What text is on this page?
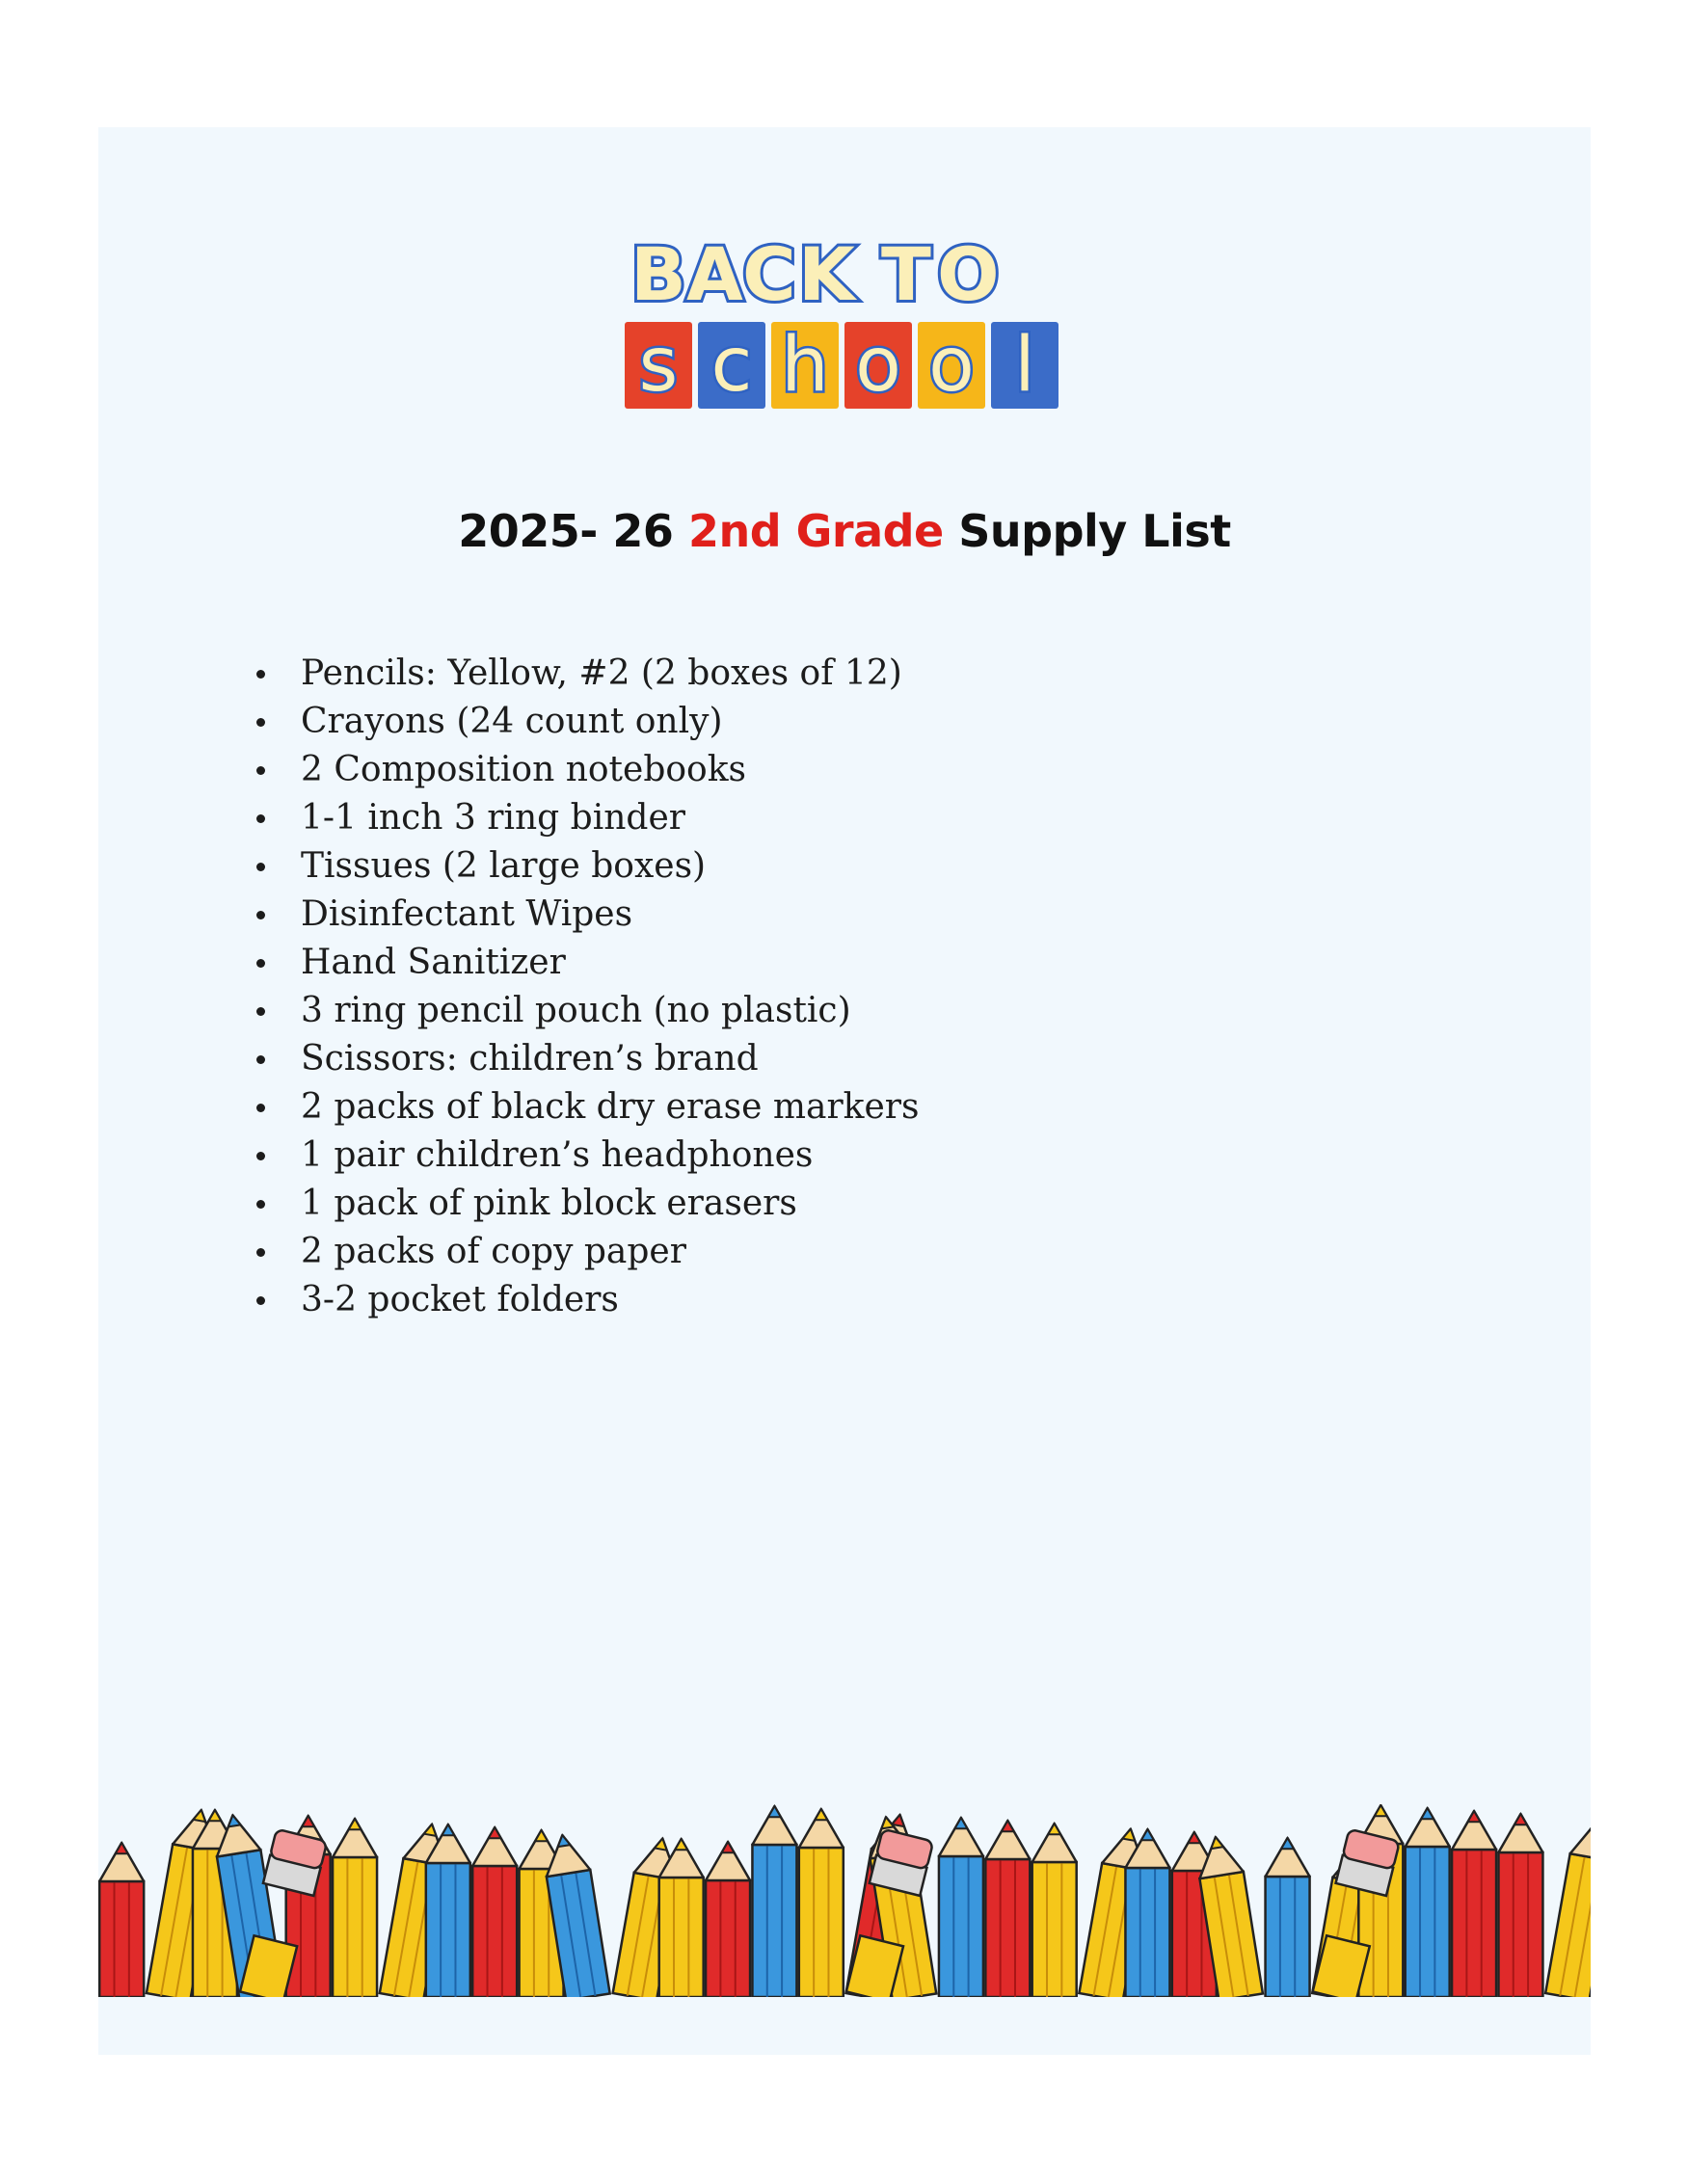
B A C K T O
s c h o o l
2025- 26 2nd Grade Supply List
Pencils: Yellow, #2 (2 boxes of 12)
Crayons (24 count only)
2 Composition notebooks
1-1 inch 3 ring binder
Tissues (2 large boxes)
Disinfectant Wipes
Hand Sanitizer
3 ring pencil pouch (no plastic)
Scissors: children’s brand
2 packs of black dry erase markers
1 pair children’s headphones
1 pack of pink block erasers
2 packs of copy paper
3-2 pocket folders
